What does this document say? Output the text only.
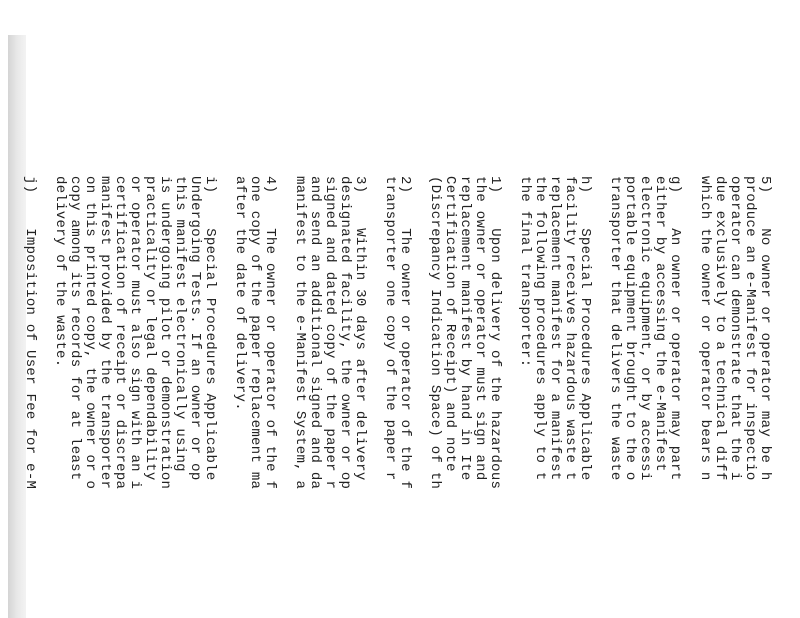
5)    No owner or operator may be h
produce an e-Manifest for inspectio
operator can demonstrate that the i
due exclusively to a technical diff
which the owner or operator bears n
g)    An owner or operator may part
either by accessing the e-Manifest
electronic equipment, or by accessi
portable equipment brought to the o
transporter that delivers the waste
h)    Special Procedures Applicable
facility receives hazardous waste t
replacement manifest for a manifest
the following procedures apply to t
the final transporter:
1)    Upon delivery of the hazardous
the owner or operator must sign and
replacement manifest by hand in Ite
Certification of Receipt) and note
(Discrepancy Indication Space) of th
2)    The owner or operator of the f
transporter one copy of the paper r
3)    Within 30 days after delivery
designated facility, the owner or op
signed and dated copy of the paper r
and send an additional signed and da
manifest to the e-Manifest System, a
4)    The owner or operator of the f
one copy of the paper replacement ma
after the date of delivery.
i)    Special Procedures Applicable
Undergoing Tests. If an owner or op
this manifest electronically using
is undergoing pilot or demonstration
practicality or legal dependability
or operator must also sign with an i
certification of receipt or discrepa
manifest provided by the transporter
on this printed copy, the owner or o
copy among its records for at least
delivery of the waste.
j)    Imposition of User Fee for e-M
